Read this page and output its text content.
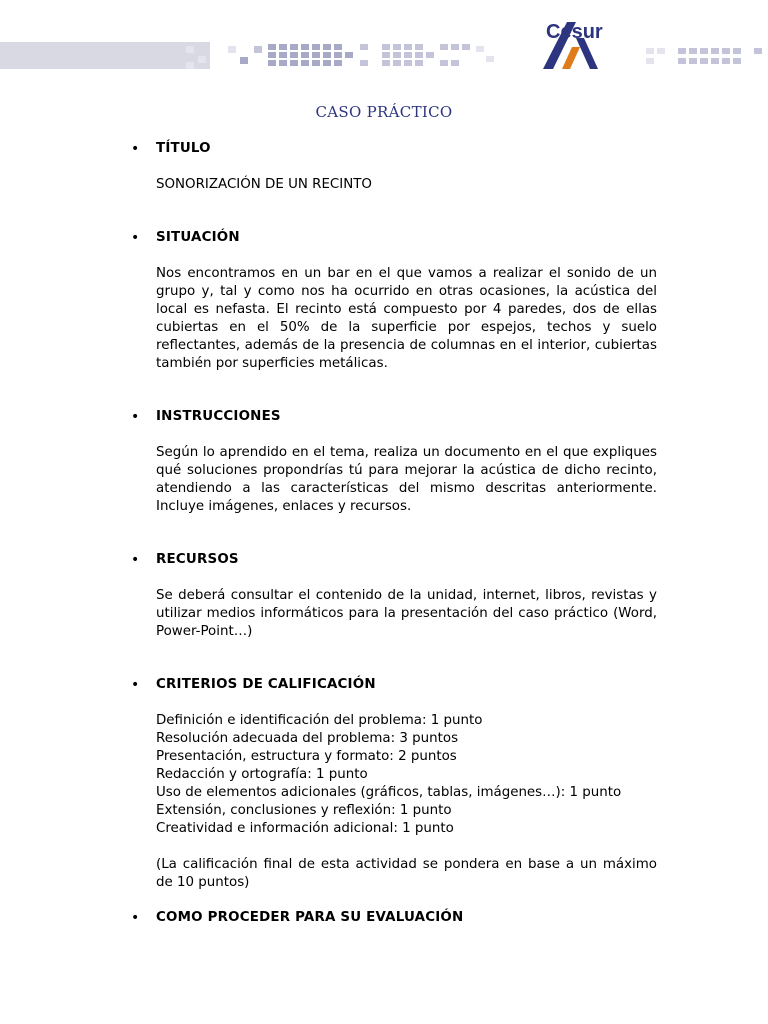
Cesur
CASO PRÁCTICO
• TÍTULO

SONORIZACIÓN DE UN RECINTO

• SITUACIÓN

Nos encontramos en un bar en el que vamos a realizar el sonido de un grupo y, tal y como nos ha ocurrido en otras ocasiones, la acústica del local es nefasta. El recinto está compuesto por 4 paredes, dos de ellas cubiertas en el 50% de la superficie por espejos, techos y suelo reflectantes, además de la presencia de columnas en el interior, cubiertas también por superficies metálicas.

• INSTRUCCIONES

Según lo aprendido en el tema, realiza un documento en el que expliques qué soluciones propondrías tú para mejorar la acústica de dicho recinto, atendiendo a las características del mismo descritas anteriormente. Incluye imágenes, enlaces y recursos.

• RECURSOS

Se deberá consultar el contenido de la unidad, internet, libros, revistas y utilizar medios informáticos para la presentación del caso práctico (Word, Power-Point…)

• CRITERIOS DE CALIFICACIÓN

Definición e identificación del problema: 1 punto
Resolución adecuada del problema: 3 puntos
Presentación, estructura y formato: 2 puntos
Redacción y ortografía: 1 punto
Uso de elementos adicionales (gráficos, tablas, imágenes…): 1 punto
Extensión, conclusiones y reflexión: 1 punto
Creatividad e información adicional: 1 punto

(La calificación final de esta actividad se pondera en base a un máximo de 10 puntos)

• COMO PROCEDER PARA SU EVALUACIÓN
